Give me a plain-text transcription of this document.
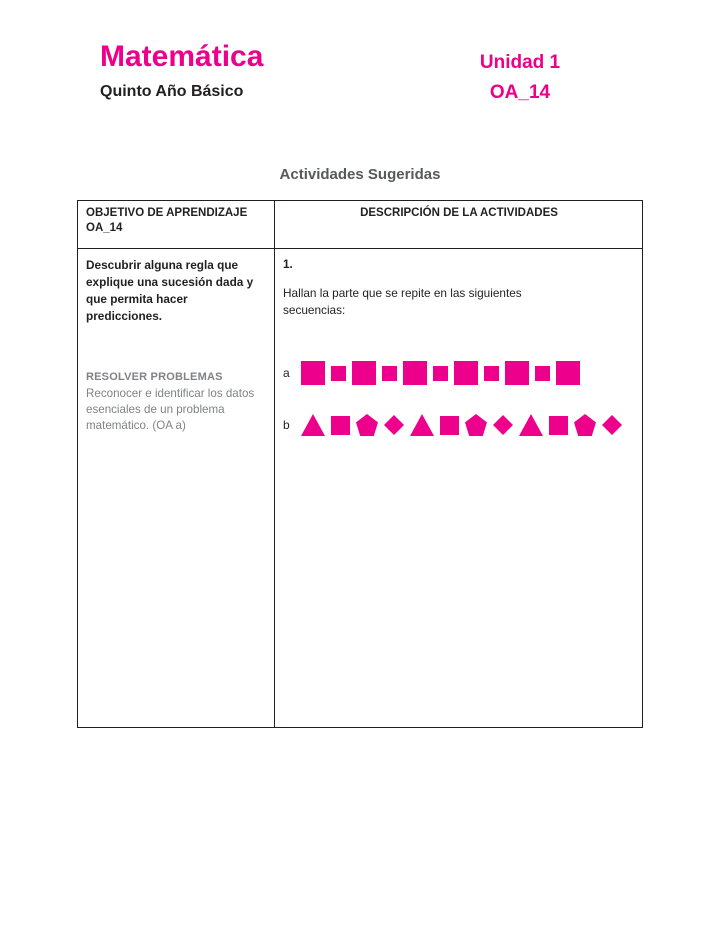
Matemática
Quinto Año Básico
Unidad 1
OA_14
Actividades Sugeridas
OBJETIVO DE APRENDIZAJE OA_14
DESCRIPCIÓN DE LA ACTIVIDADES

Descubrir alguna regla que explique una sucesión dada y que permita hacer predicciones.

RESOLVER PROBLEMAS

Reconocer e identificar los datos esenciales de un problema matemático. (OA a)

1.

Hallan la parte que se repite en las siguientes secuencias:

a
b
